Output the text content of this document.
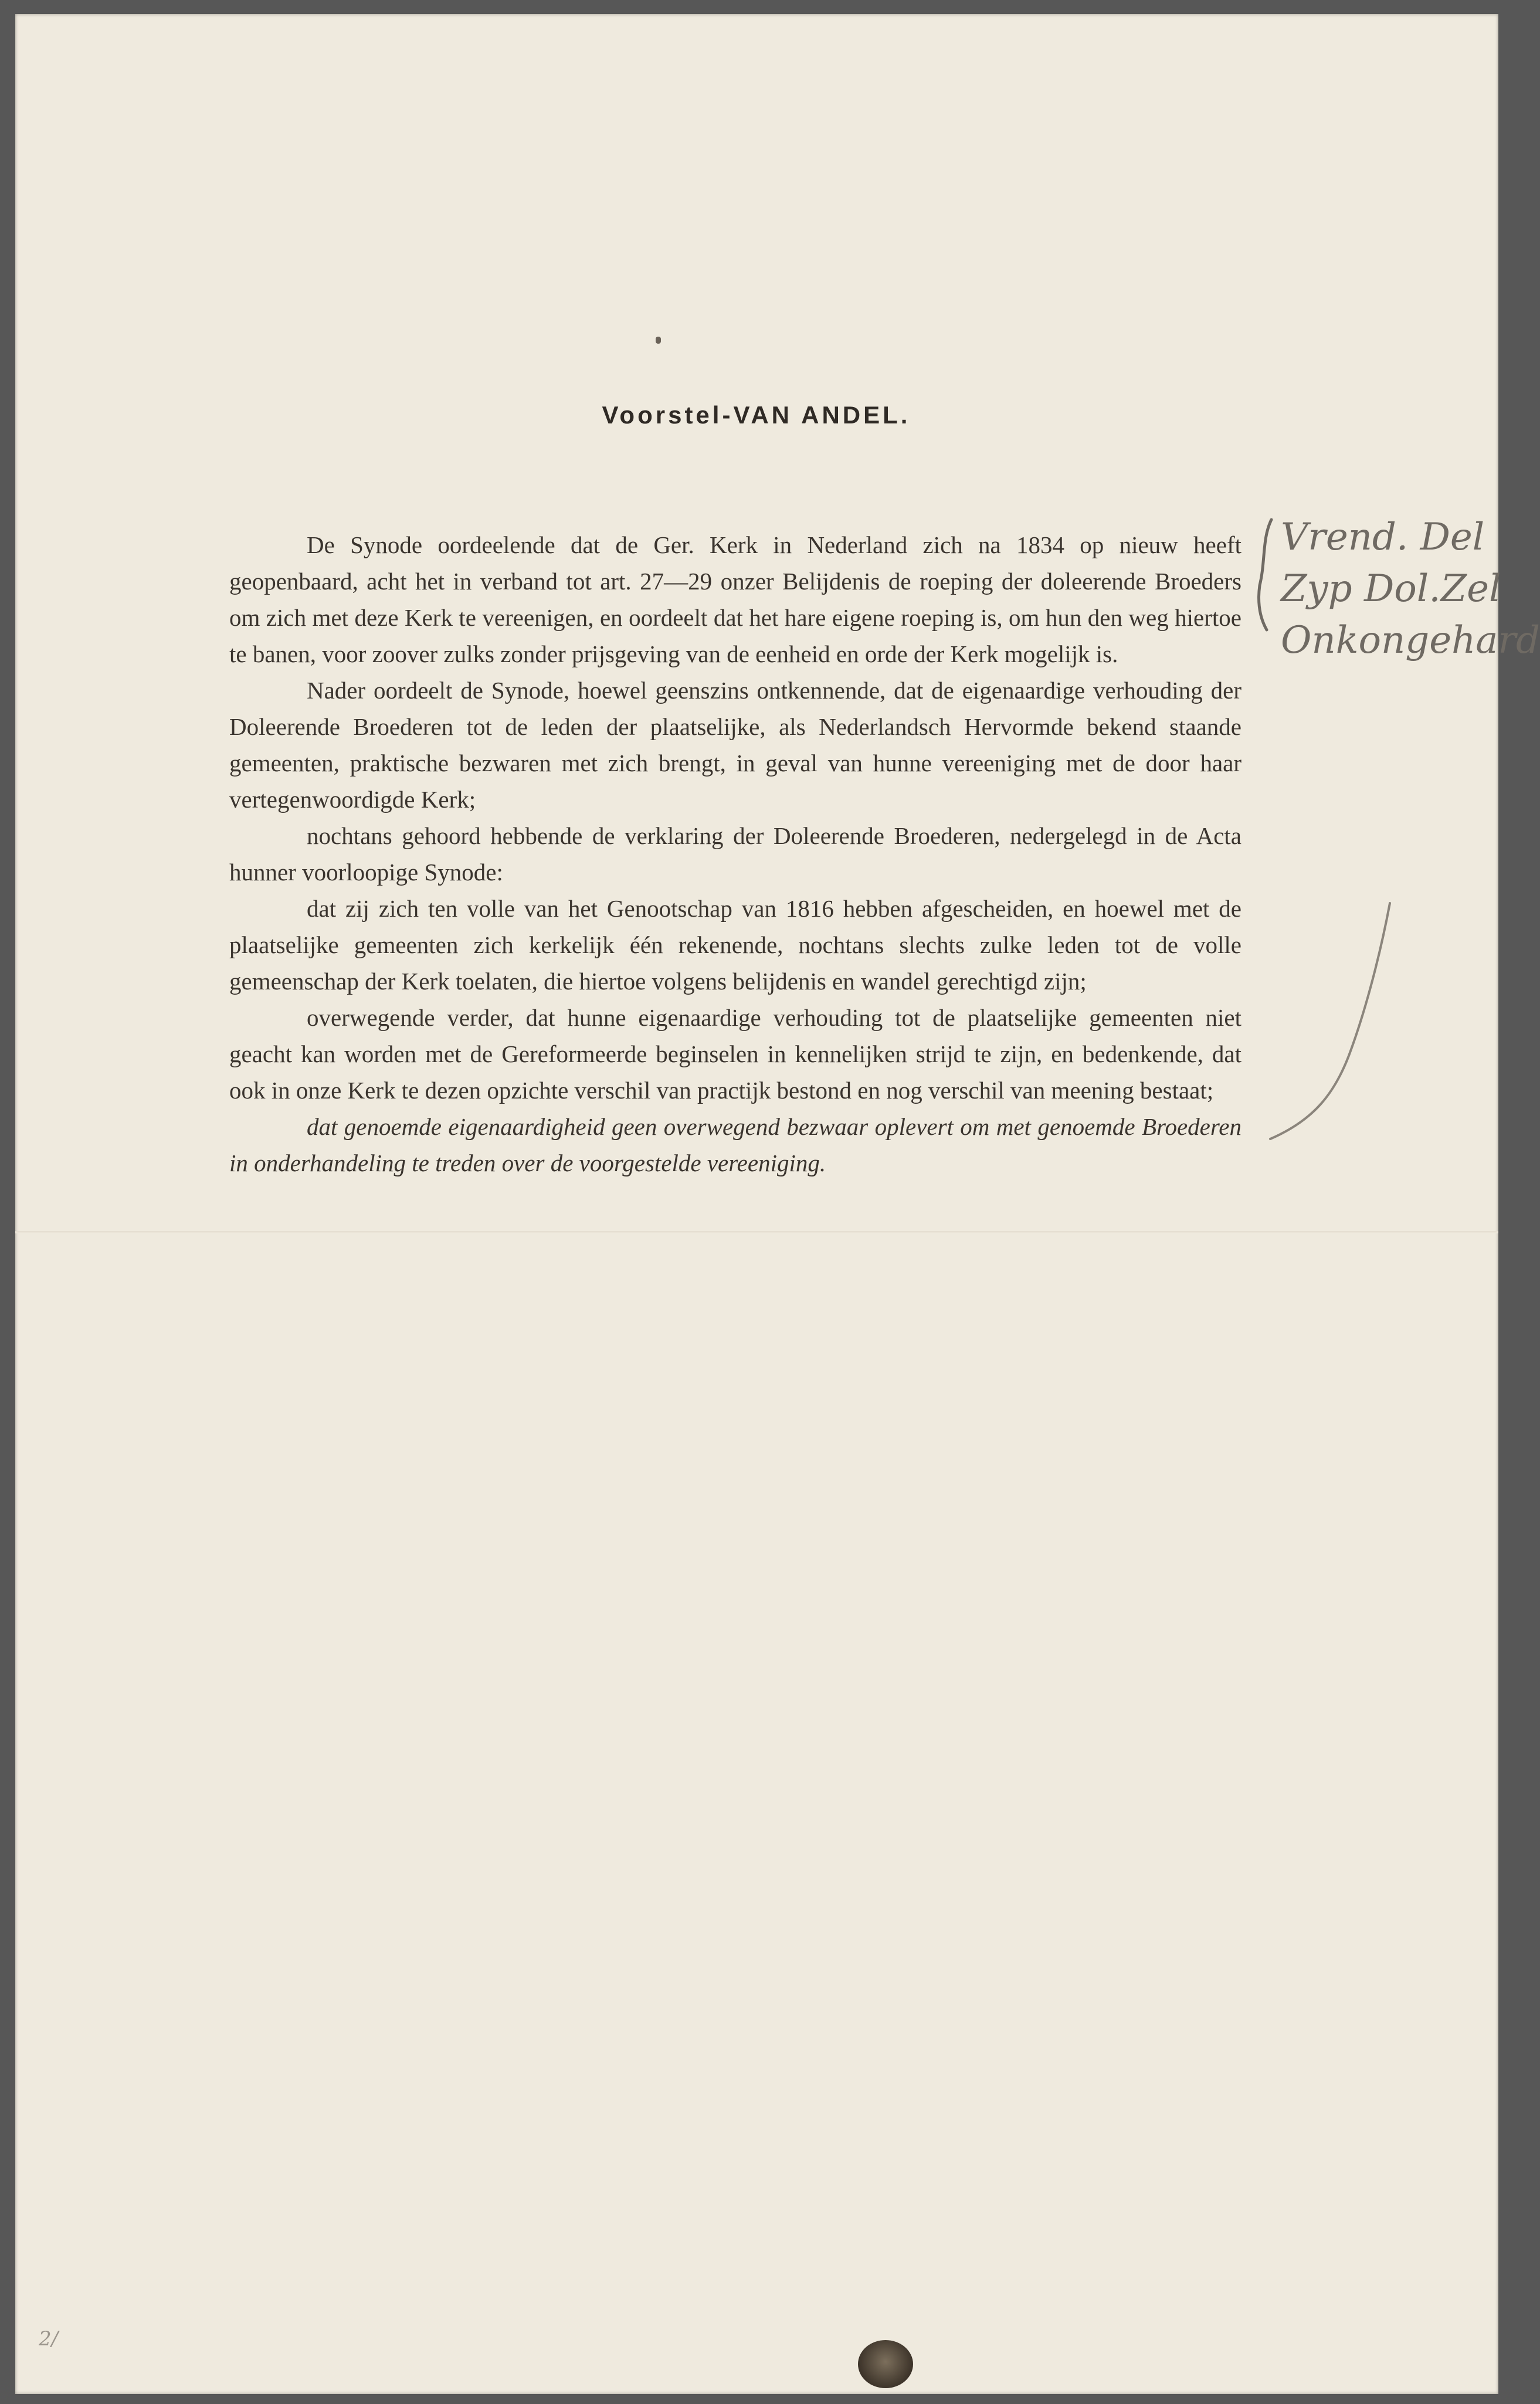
Voorstel-VAN ANDEL.

De Synode oordeelende dat de Ger. Kerk in Nederland zich na 1834 op nieuw heeft geopenbaard, acht het in verband tot art. 27—29 onzer Belijdenis de roeping der doleerende Broeders om zich met deze Kerk te vereenigen, en oordeelt dat het hare eigene roeping is, om hun den weg hiertoe te banen, voor zoover zulks zonder prijsgeving van de eenheid en orde der Kerk mogelijk is.

Nader oordeelt de Synode, hoewel geenszins ontkennende, dat de eigenaardige verhouding der Doleerende Broederen tot de leden der plaatselijke, als Nederlandsch Hervormde bekend staande gemeenten, praktische bezwaren met zich brengt, in geval van hunne vereeniging met de door haar vertegenwoordigde Kerk;

nochtans gehoord hebbende de verklaring der Doleerende Broederen, nedergelegd in de Acta hunner voorloopige Synode:

dat zij zich ten volle van het Genootschap van 1816 hebben afgescheiden, en hoewel met de plaatselijke gemeenten zich kerkelijk één rekenende, nochtans slechts zulke leden tot de volle gemeenschap der Kerk toelaten, die hiertoe volgens belijdenis en wandel gerechtigd zijn;

overwegende verder, dat hunne eigenaardige verhouding tot de plaatselijke gemeenten niet geacht kan worden met de Gereformeerde beginselen in kennelijken strijd te zijn, en bedenkende, dat ook in onze Kerk te dezen opzichte verschil van practijk bestond en nog verschil van meening bestaat;

dat genoemde eigenaardigheid geen overwegend bezwaar oplevert om met genoemde Broederen in onderhandeling te treden over de voorgestelde vereeniging.

Vrend. Del

Zyp Dol.Zel

Onkongehard

2/
